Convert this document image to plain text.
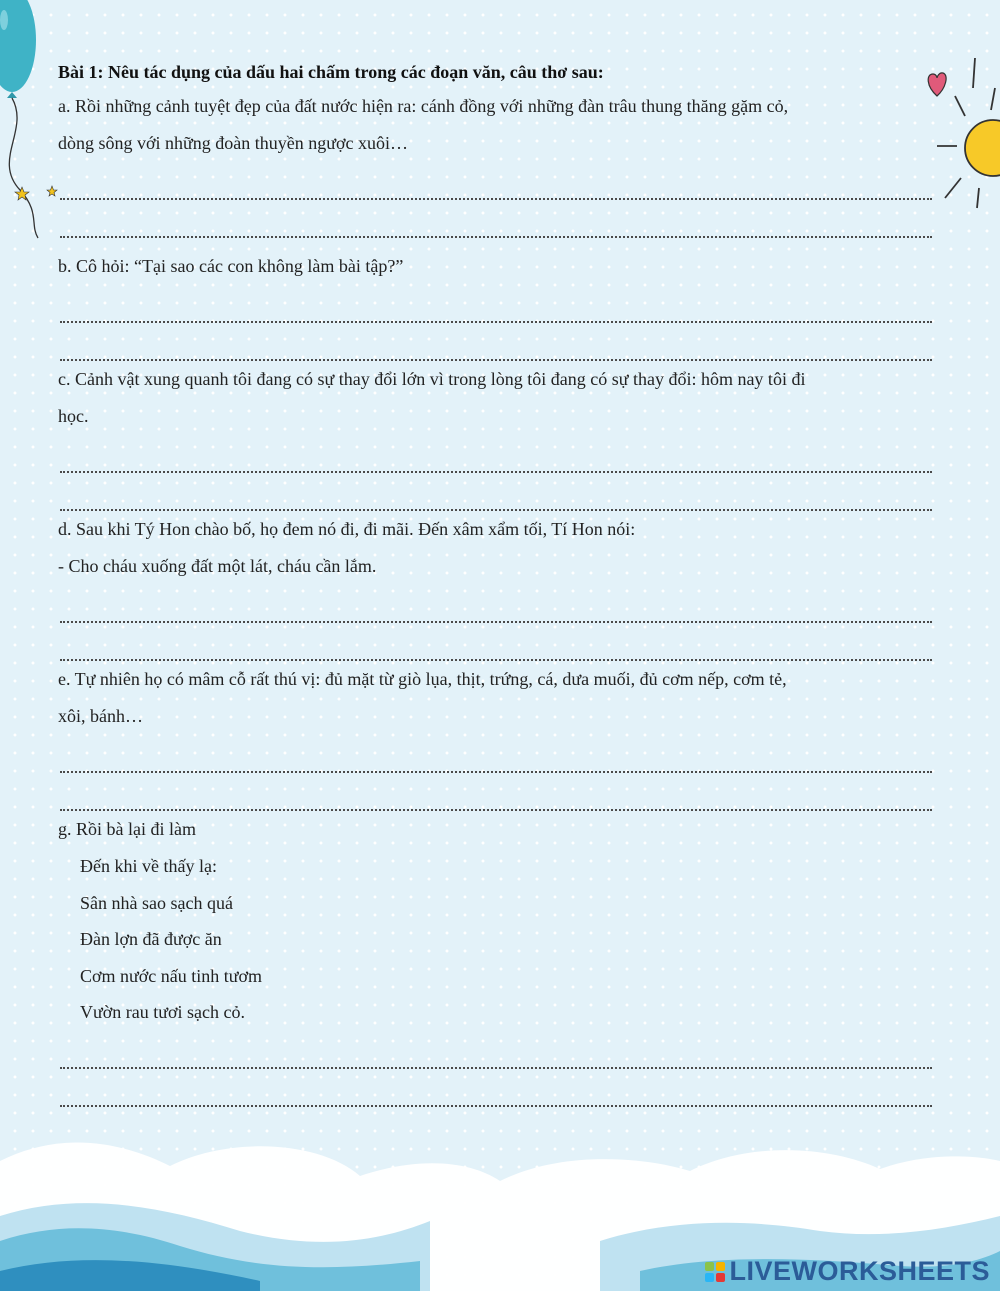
Bài 1: Nêu tác dụng của dấu hai chấm trong các đoạn văn, câu thơ sau:

a. Rồi những cảnh tuyệt đẹp của đất nước hiện ra: cánh đồng với những đàn trâu thung thăng gặm cỏ,

dòng sông với những đoàn thuyền ngược xuôi…

b. Cô hỏi: “Tại sao các con không làm bài tập?”

c. Cảnh vật xung quanh tôi đang có sự thay đổi lớn vì trong lòng tôi đang có sự thay đổi: hôm nay tôi đi

học.

d. Sau khi Tý Hon chào bố, họ đem nó đi, đi mãi. Đến xâm xẩm tối, Tí Hon nói:

- Cho cháu xuống đất một lát, cháu cần lắm.

e. Tự nhiên họ có mâm cỗ rất thú vị: đủ mặt từ giò lụa, thịt, trứng, cá, dưa muối, đủ cơm nếp, cơm tẻ,

xôi, bánh…

g. Rồi bà lại đi làm

Đến khi về thấy lạ:

Sân nhà sao sạch quá

Đàn lợn đã được ăn

Cơm nước nấu tinh tươm

Vườn rau tươi sạch cỏ.

LIVEWORKSHEETS
